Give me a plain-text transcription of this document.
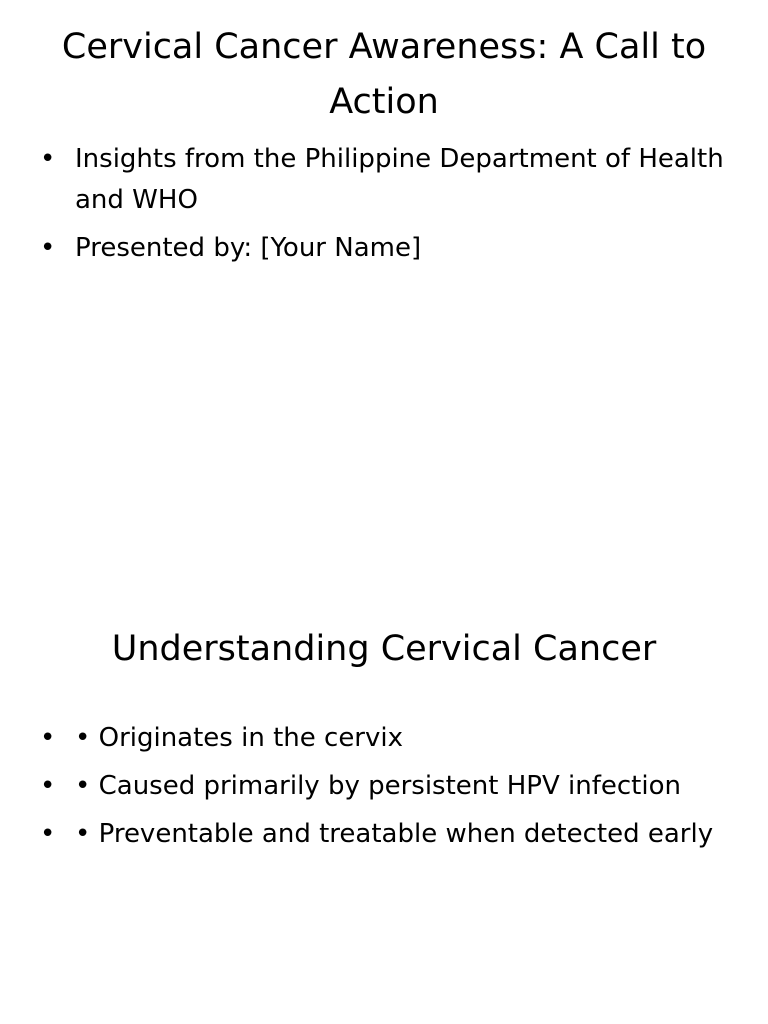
Cervical Cancer Awareness: A Call to Action
• Insights from the Philippine Department of Health and WHO
• Presented by: [Your Name]
Understanding Cervical Cancer
• • Originates in the cervix
• • Caused primarily by persistent HPV infection
• • Preventable and treatable when detected early
